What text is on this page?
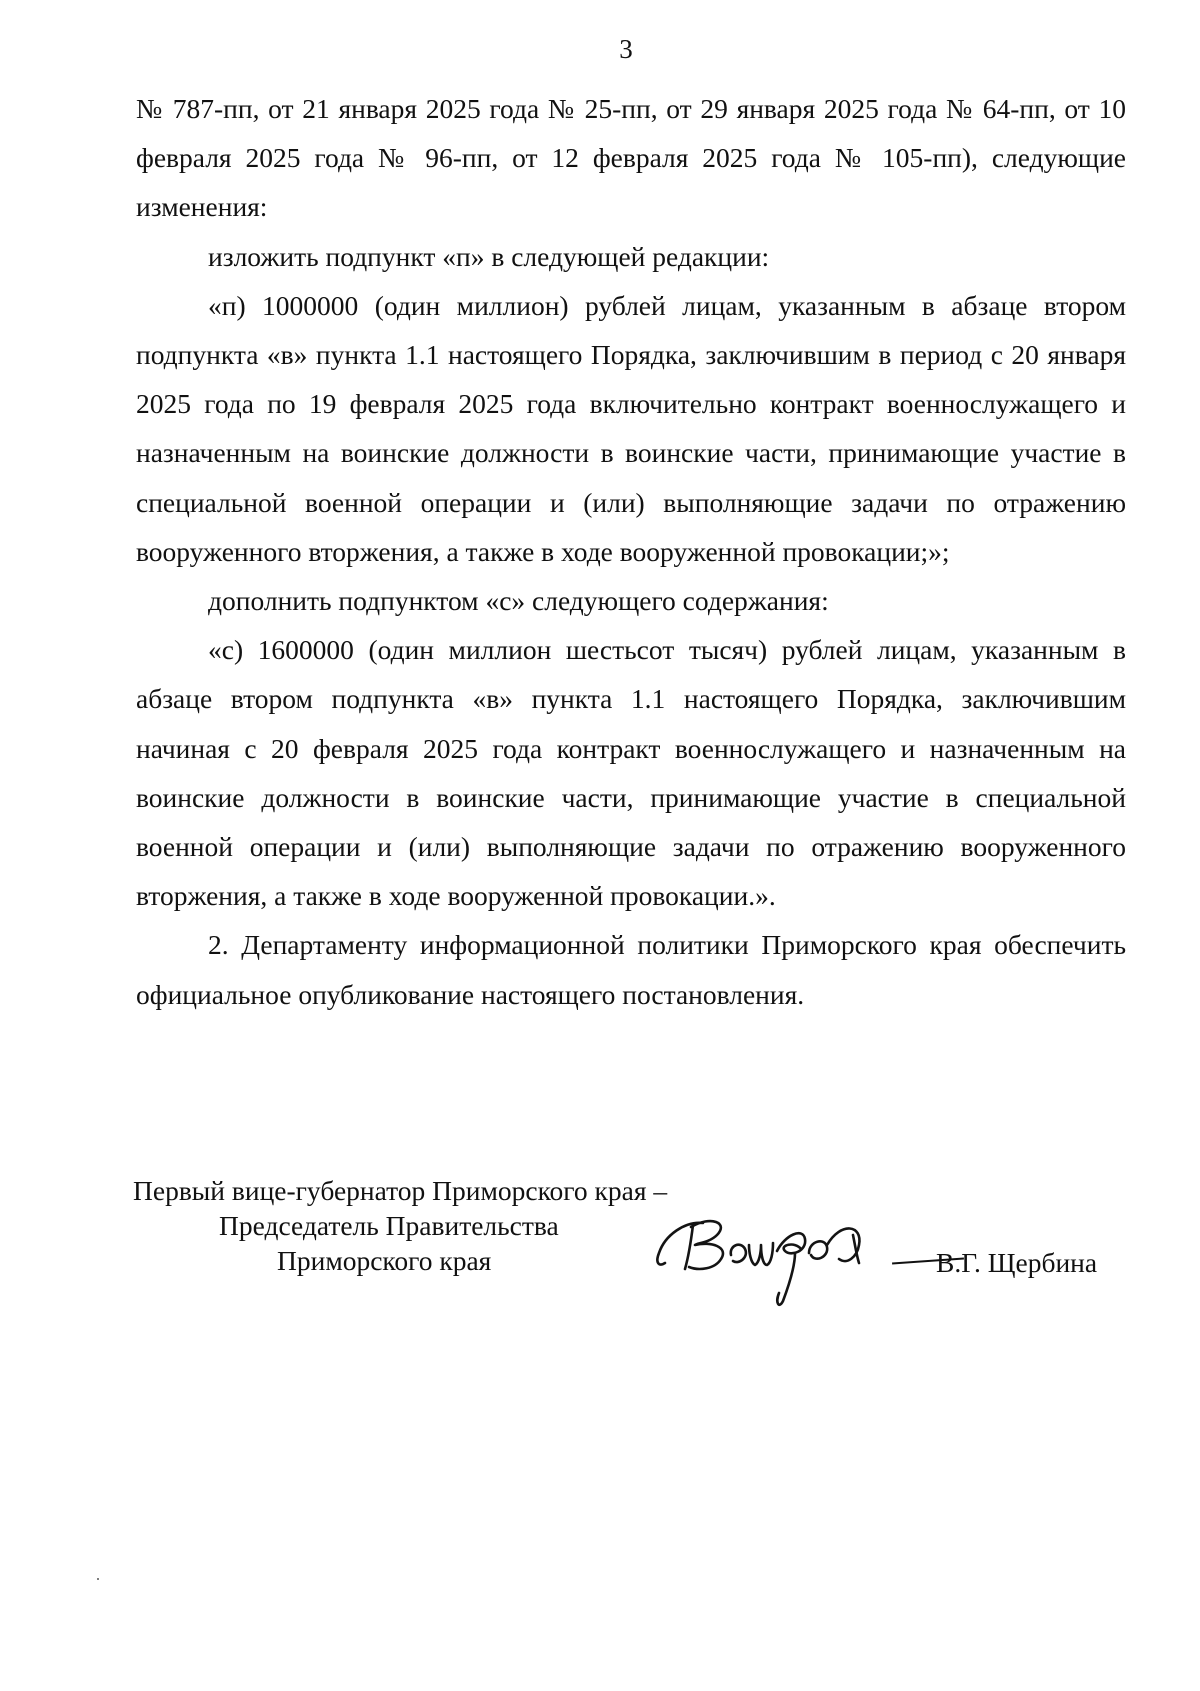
3

№ 787-пп, от 21 января 2025 года № 25-пп, от 29 января 2025 года № 64-пп, от 10 февраля 2025 года № 96-пп, от 12 февраля 2025 года № 105-пп), следующие изменения:

изложить подпункт «п» в следующей редакции:

«п) 1000000 (один миллион) рублей лицам, указанным в абзаце втором подпункта «в» пункта 1.1 настоящего Порядка, заключившим в период с 20 января 2025 года по 19 февраля 2025 года включительно контракт военнослужащего и назначенным на воинские должности в воинские части, принимающие участие в специальной военной операции и (или) выполняющие задачи по отражению вооруженного вторжения, а также в ходе вооруженной провокации;»;

дополнить подпунктом «с» следующего содержания:

«с) 1600000 (один миллион шестьсот тысяч) рублей лицам, указанным в абзаце втором подпункта «в» пункта 1.1 настоящего Порядка, заключившим начиная с 20 февраля 2025 года контракт военнослужащего и назначенным на воинские должности в воинские части, принимающие участие в специальной военной операции и (или) выполняющие задачи по отражению вооруженного вторжения, а также в ходе вооруженной провокации.».

2. Департаменту информационной политики Приморского края обеспечить официальное опубликование настоящего постановления.

Первый вице-губернатор Приморского края –
Председатель Правительства
Приморского края	В.Г. Щербина
